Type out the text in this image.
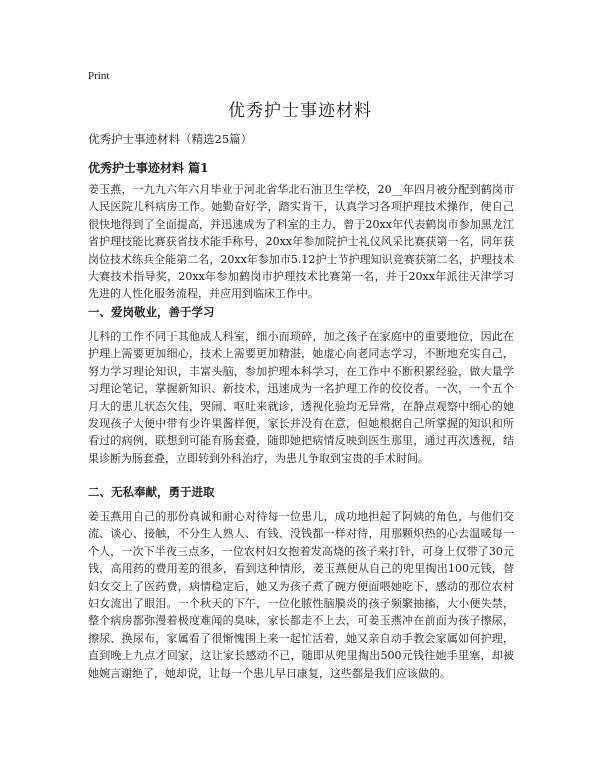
Print
优秀护士事迹材料
优秀护士事迹材料（精选25篇）
优秀护士事迹材料 篇1

姜玉燕，一九九六年六月毕业于河北省华北石油卫生学校，20__年四月被分配到鹤岗市人民医院儿科病房工作。她勤奋好学，踏实肯干，认真学习各项护理技术操作，使自己很快地得到了全面提高，并迅速成为了科室的主力，曾于20xx年代表鹤岗市参加黑龙江省护理技能比赛获省技术能手称号，20xx年参加院护士礼仪风采比赛获第一名，同年获岗位技术练兵全能第二名，20xx年参加市5.12护士节护理知识竞赛获第二名，护理技术大赛技术指导奖，20xx年参加鹤岗市护理技术比赛第一名，并于20xx年派往天津学习先进的人性化服务流程，并应用到临床工作中。

一、爱岗敬业，善于学习

儿科的工作不同于其他成人科室，细小而琐碎，加之孩子在家庭中的重要地位，因此在护理上需要更加细心，技术上需要更加精湛，她虚心向老同志学习，不断地充实自己，努力学习理论知识，丰富头脑，参加护理本科学习，在工作中不断积累经验，做大量学习理论笔记，掌握新知识、新技术，迅速成为一名护理工作的佼佼者。一次，一个五个月大的患儿状态欠佳，哭闹、呕吐来就诊，透视化验均无异常，在静点观察中细心的她发现孩子大便中带有少许果酱样便，家长并没有在意，但她根据自己所掌握的知识和所看过的病例，联想到可能有肠套叠，随即她把病情反映到医生那里，通过再次透视，结果诊断为肠套叠，立即转到外科治疗，为患儿争取到宝贵的手术时间。

二、无私奉献，勇于进取

姜玉燕用自己的那份真诚和耐心对待每一位患儿，成功地担起了阿姨的角色，与他们交流、谈心、接触，不分生人熟人、有钱、没钱都一样对待，用那颗炽热的心去温暖每一个人，一次下半夜三点多，一位农村妇女抱着发高烧的孩子来打针，可身上仅带了30元钱，高用药的费用差的很多，看到这种情形，姜玉燕便从自己的兜里掏出100元钱，替妇女交上了医药费，病情稳定后，她又为孩子煮了碗方便面喂她吃下，感动的那位农村妇女流出了眼泪。一个秋天的下午，一位化脓性脑膜炎的孩子频繁抽搐，大小便失禁，整个病房都弥漫着极度难闻的臭味，家长都走不上去，可姜玉燕冲在前面为孩子擦尿，擦尿、换尿布，家属看了很惭愧围上来一起忙活着，她又亲自动手教会家属如何护理，直到晚上九点才回家，这让家长感动不已，随即从兜里掏出500元钱往她手里塞，却被她婉言谢绝了，她却说，让每一个患儿早日康复，这些都是我们应该做的。
